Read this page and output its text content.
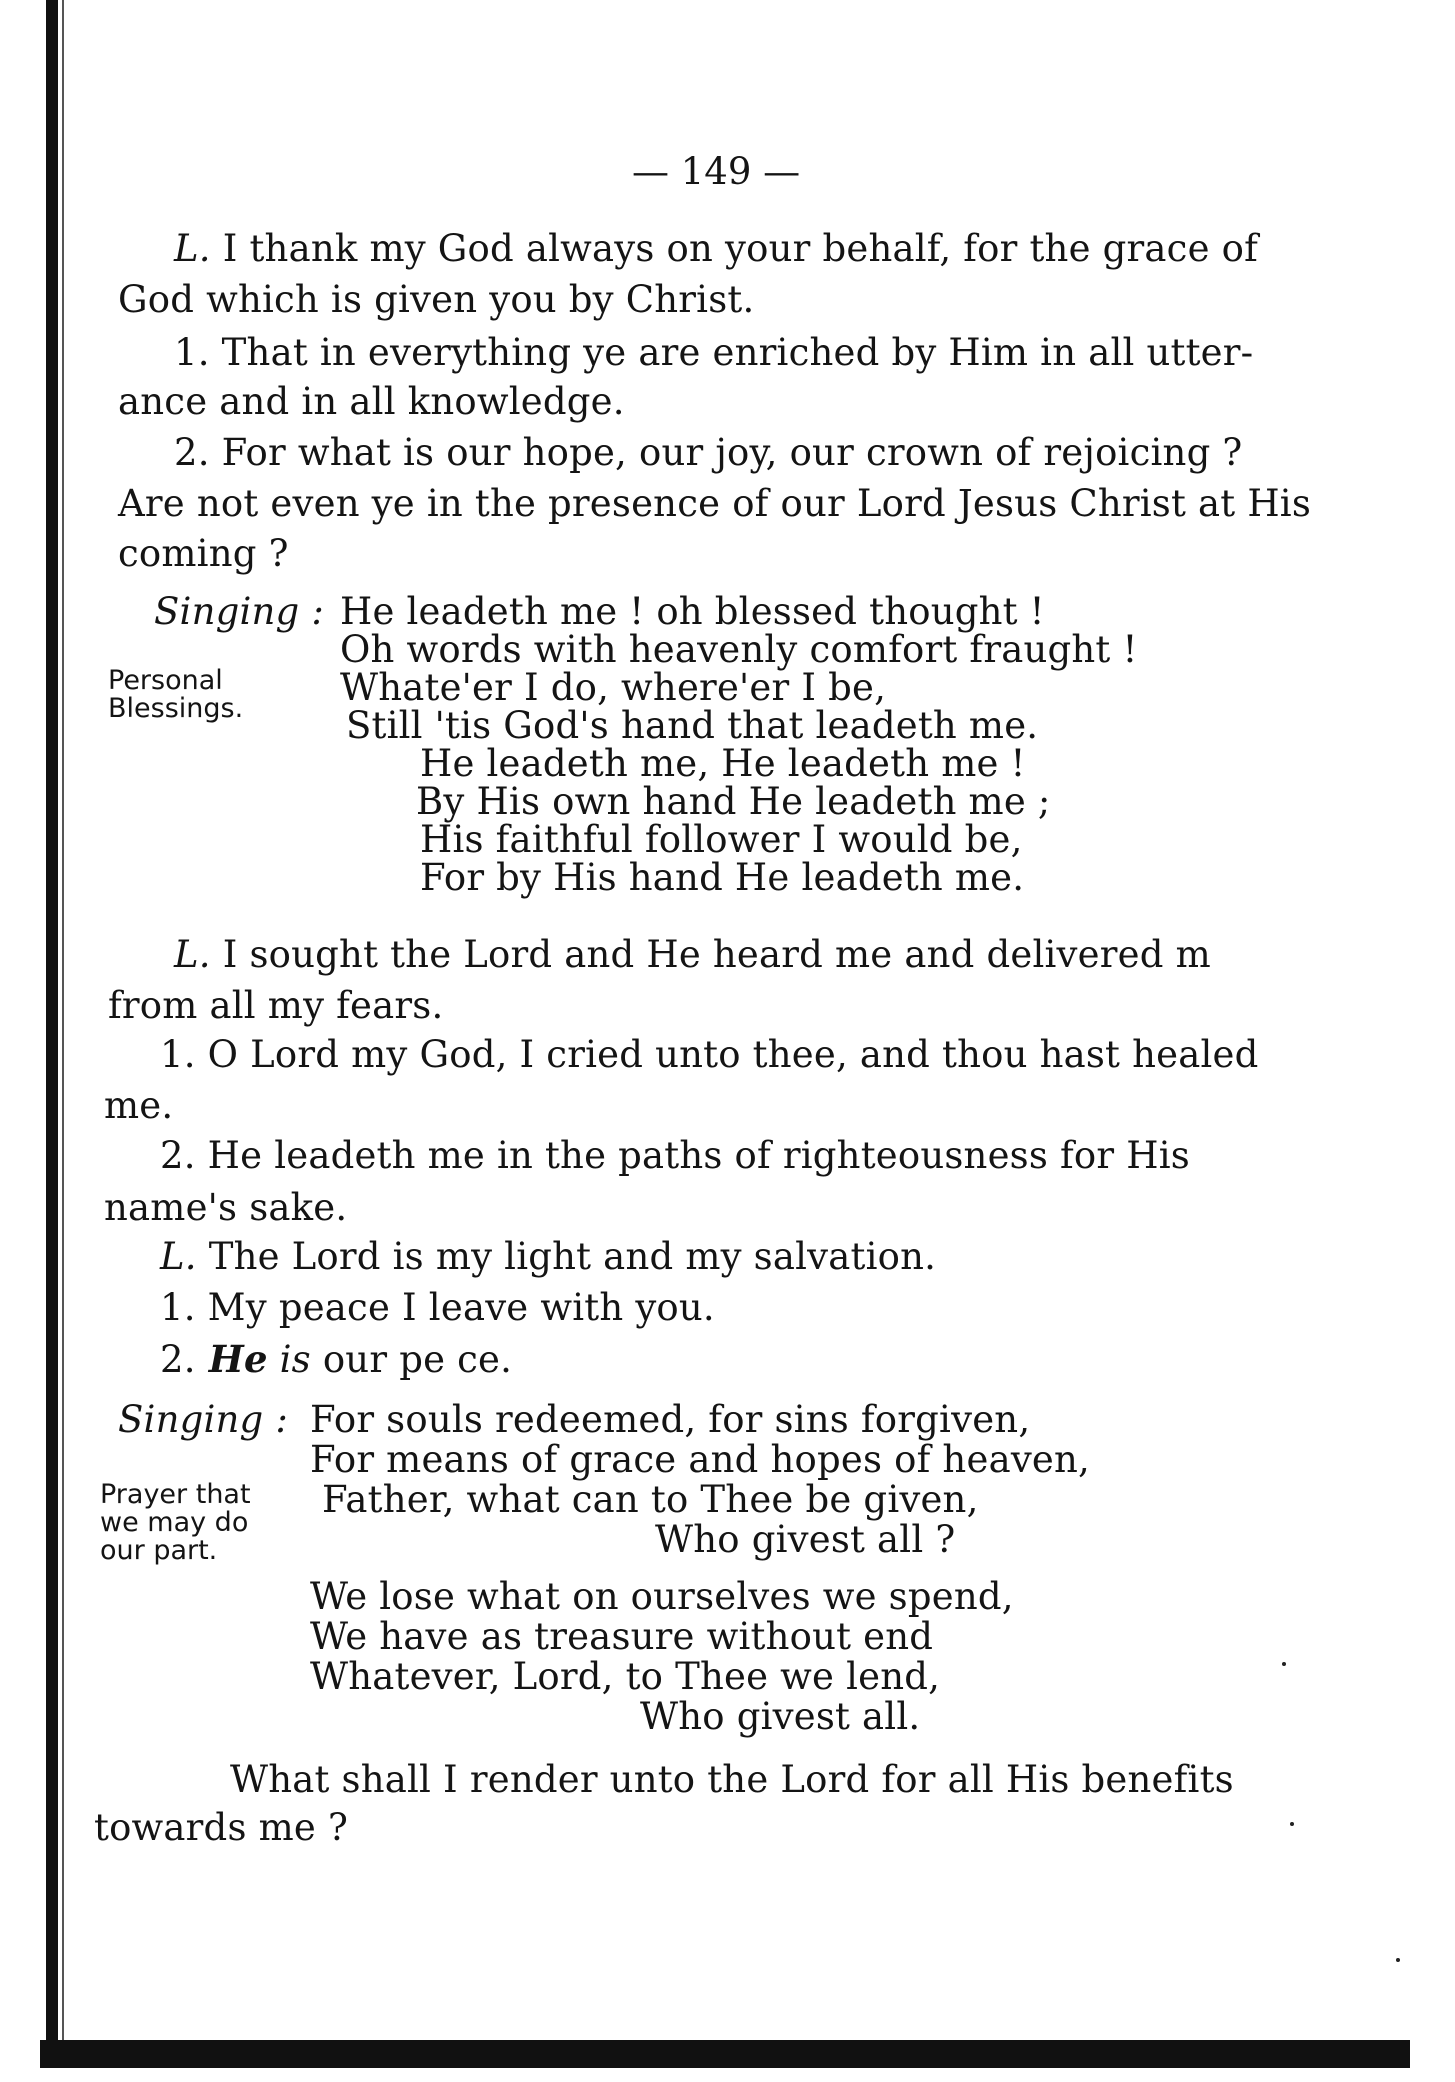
— 149 —
L. I thank my God always on your behalf, for the grace of
God which is given you by Christ.
1. That in everything ye are enriched by Him in all utter-
ance and in all knowledge.
2. For what is our hope, our joy, our crown of rejoicing ?
Are not even ye in the presence of our Lord Jesus Christ at His
coming ?
Singing :
Personal
Blessings.
He leadeth me ! oh blessed thought !
Oh words with heavenly comfort fraught !
Whate'er I do, where'er I be,
Still 'tis God's hand that leadeth me.
He leadeth me, He leadeth me !
By His own hand He leadeth me ;
His faithful follower I would be,
For by His hand He leadeth me.
L. I sought the Lord and He heard me and delivered m
from all my fears.
1. O Lord my God, I cried unto thee, and thou hast healed
me.
2. He leadeth me in the paths of righteousness for His
name's sake.
L. The Lord is my light and my salvation.
1. My peace I leave with you.
2. He is our pe ce.
Singing :
Prayer that
we may do
our part.
For souls redeemed, for sins forgiven,
For means of grace and hopes of heaven,
Father, what can to Thee be given,
Who givest all ?
We lose what on ourselves we spend,
We have as treasure without end
Whatever, Lord, to Thee we lend,
Who givest all.
What shall I render unto the Lord for all His benefits
towards me ?
